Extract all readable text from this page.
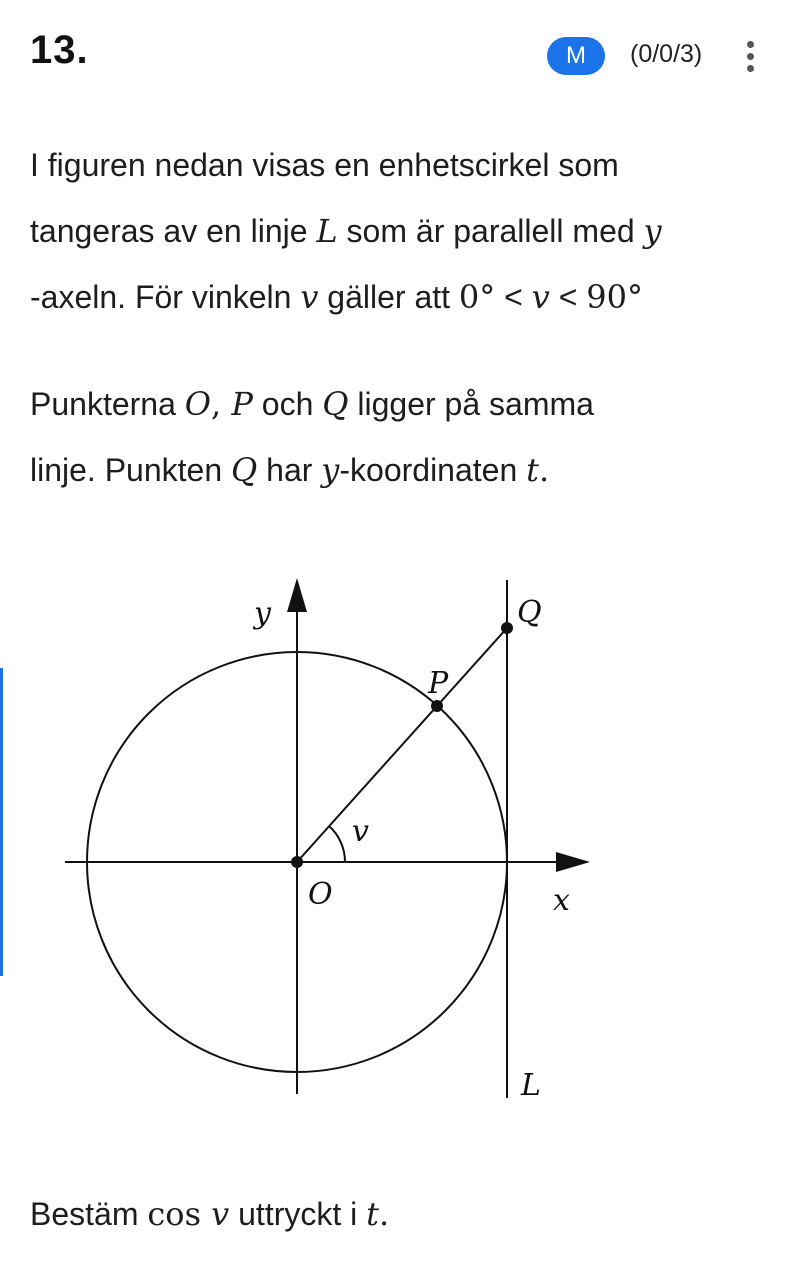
13.	M	(0/0/3)
I figuren nedan visas en enhetscirkel som
tangeras av en linje L som är parallell med y
-axeln. För vinkeln v gäller att 0° < v < 90°
Punkterna O, P och Q ligger på samma
linje. Punkten Q har y-koordinaten t.
y
x
O
P
Q
v
L
Bestäm cos v uttryckt i t.
